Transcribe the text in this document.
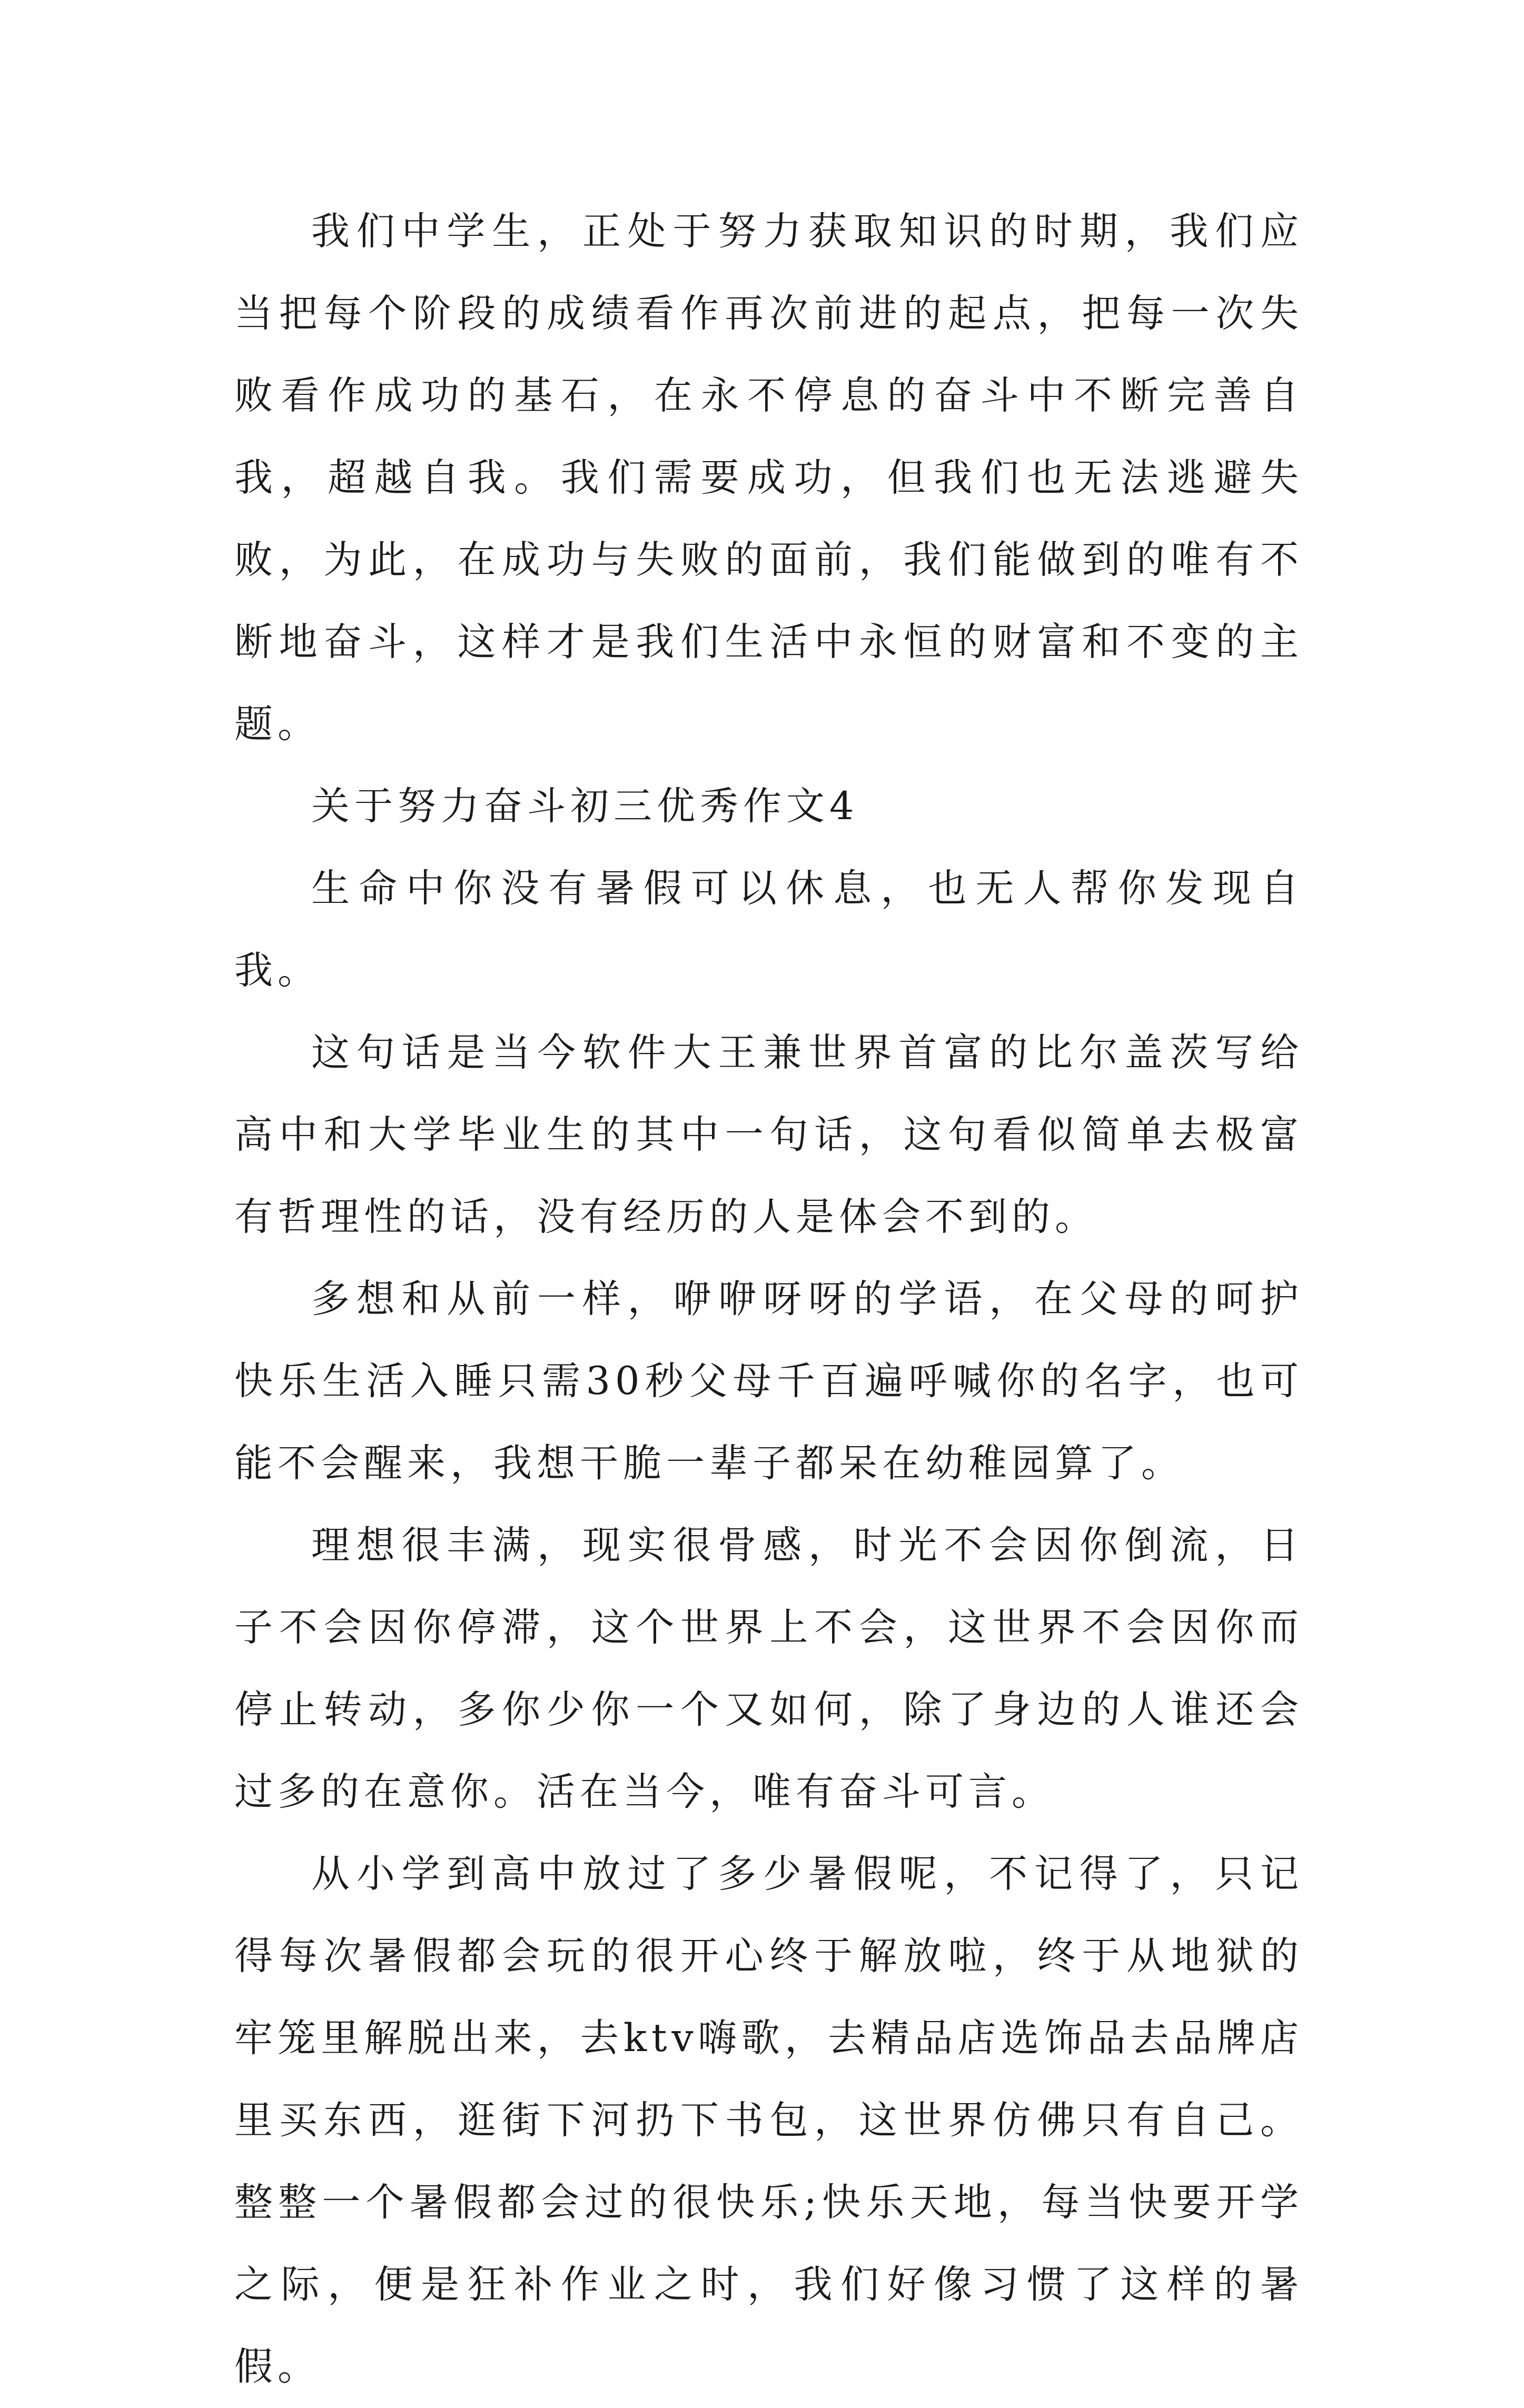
我们中学生，正处于努力获取知识的时期，我们应当把每个阶段的成绩看作再次前进的起点，把每一次失败看作成功的基石，在永不停息的奋斗中不断完善自我，超越自我。我们需要成功，但我们也无法逃避失败，为此，在成功与失败的面前，我们能做到的唯有不断地奋斗，这样才是我们生活中永恒的财富和不变的主题。

关于努力奋斗初三优秀作文4

生命中你没有暑假可以休息，也无人帮你发现自我。

这句话是当今软件大王兼世界首富的比尔盖茨写给高中和大学毕业生的其中一句话，这句看似简单去极富有哲理性的话，没有经历的人是体会不到的。

多想和从前一样，咿咿呀呀的学语，在父母的呵护快乐生活入睡只需30秒父母千百遍呼喊你的名字，也可能不会醒来，我想干脆一辈子都呆在幼稚园算了。

理想很丰满，现实很骨感，时光不会因你倒流，日子不会因你停滞，这个世界上不会，这世界不会因你而停止转动，多你少你一个又如何，除了身边的人谁还会过多的在意你。活在当今，唯有奋斗可言。

从小学到高中放过了多少暑假呢，不记得了，只记得每次暑假都会玩的很开心终于解放啦，终于从地狱的牢笼里解脱出来，去ktv嗨歌，去精品店选饰品去品牌店里买东西，逛街下河扔下书包，这世界仿佛只有自己。整整一个暑假都会过的很快乐;快乐天地，每当快要开学之际，便是狂补作业之时，我们好像习惯了这样的暑假。
